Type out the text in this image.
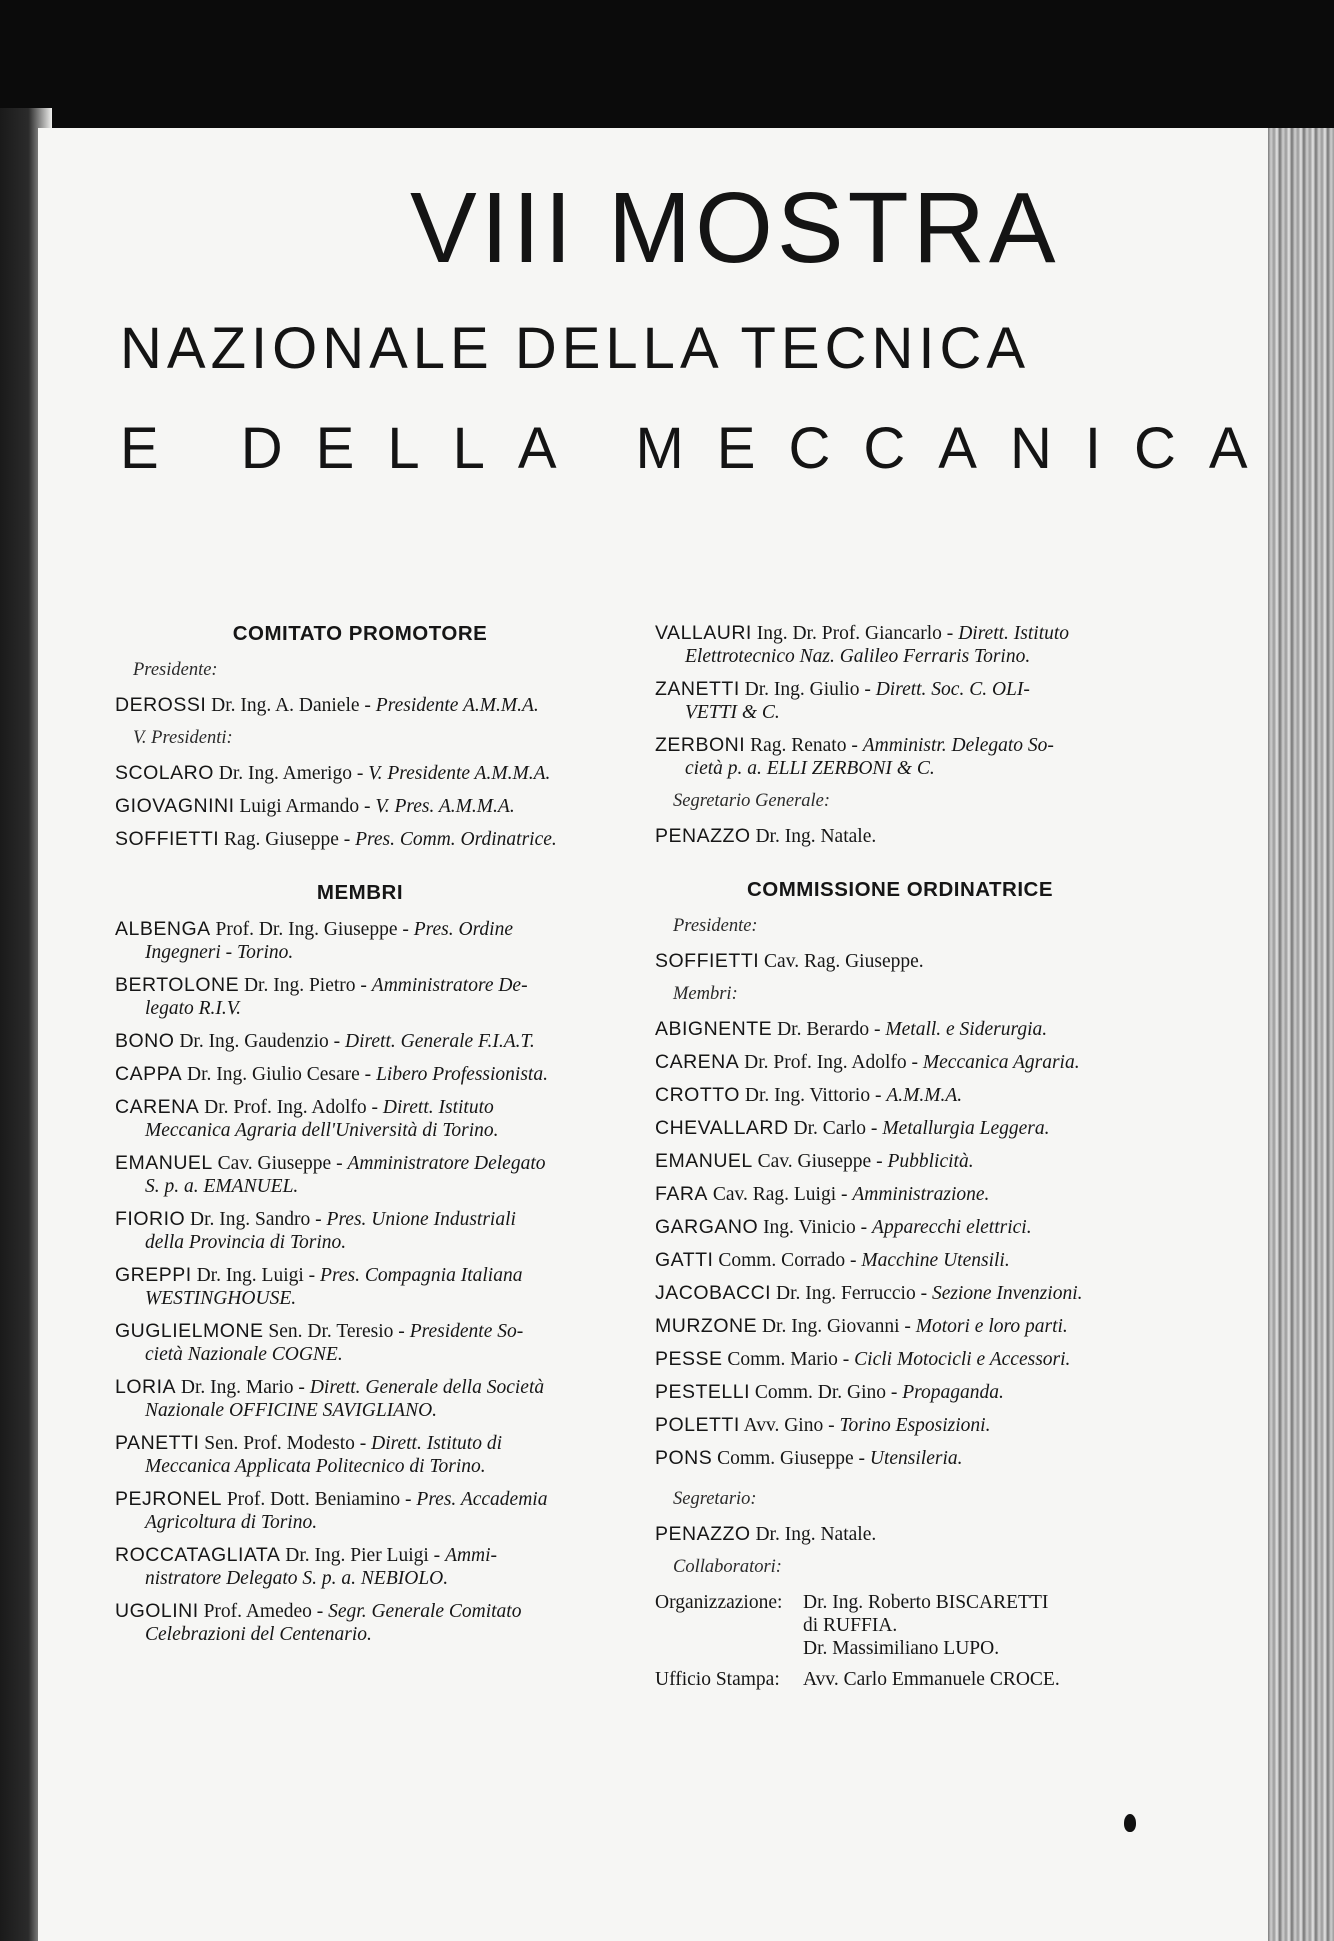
VIII MOSTRA
NAZIONALE DELLA TECNICA
E DELLA MECCANICA
COMITATO PROMOTORE
Presidente:
DEROSSI Dr. Ing. A. Daniele - Presidente A.M.M.A.
V. Presidenti:
SCOLARO Dr. Ing. Amerigo - V. Presidente A.M.M.A.
GIOVAGNINI Luigi Armando - V. Pres. A.M.M.A.
SOFFIETTI Rag. Giuseppe - Pres. Comm. Ordinatrice.
MEMBRI
ALBENGA Prof. Dr. Ing. Giuseppe - Pres. Ordine
Ingegneri - Torino.
BERTOLONE Dr. Ing. Pietro - Amministratore De-
legato R.I.V.
BONO Dr. Ing. Gaudenzio - Dirett. Generale F.I.A.T.
CAPPA Dr. Ing. Giulio Cesare - Libero Professionista.
CARENA Dr. Prof. Ing. Adolfo - Dirett. Istituto
Meccanica Agraria dell'Università di Torino.
EMANUEL Cav. Giuseppe - Amministratore Delegato
S. p. a. EMANUEL.
FIORIO Dr. Ing. Sandro - Pres. Unione Industriali
della Provincia di Torino.
GREPPI Dr. Ing. Luigi - Pres. Compagnia Italiana
WESTINGHOUSE.
GUGLIELMONE Sen. Dr. Teresio - Presidente So-
cietà Nazionale COGNE.
LORIA Dr. Ing. Mario - Dirett. Generale della Società
Nazionale OFFICINE SAVIGLIANO.
PANETTI Sen. Prof. Modesto - Dirett. Istituto di
Meccanica Applicata Politecnico di Torino.
PEJRONEL Prof. Dott. Beniamino - Pres. Accademia
Agricoltura di Torino.
ROCCATAGLIATA Dr. Ing. Pier Luigi - Ammi-
nistratore Delegato S. p. a. NEBIOLO.
UGOLINI Prof. Amedeo - Segr. Generale Comitato
Celebrazioni del Centenario.
VALLAURI Ing. Dr. Prof. Giancarlo - Dirett. Istituto
Elettrotecnico Naz. Galileo Ferraris Torino.
ZANETTI Dr. Ing. Giulio - Dirett. Soc. C. OLI-
VETTI & C.
ZERBONI Rag. Renato - Amministr. Delegato So-
cietà p. a. ELLI ZERBONI & C.
Segretario Generale:
PENAZZO Dr. Ing. Natale.
COMMISSIONE ORDINATRICE
Presidente:
SOFFIETTI Cav. Rag. Giuseppe.
Membri:
ABIGNENTE Dr. Berardo - Metall. e Siderurgia.
CARENA Dr. Prof. Ing. Adolfo - Meccanica Agraria.
CROTTO Dr. Ing. Vittorio - A.M.M.A.
CHEVALLARD Dr. Carlo - Metallurgia Leggera.
EMANUEL Cav. Giuseppe - Pubblicità.
FARA Cav. Rag. Luigi - Amministrazione.
GARGANO Ing. Vinicio - Apparecchi elettrici.
GATTI Comm. Corrado - Macchine Utensili.
JACOBACCI Dr. Ing. Ferruccio - Sezione Invenzioni.
MURZONE Dr. Ing. Giovanni - Motori e loro parti.
PESSE Comm. Mario - Cicli Motocicli e Accessori.
PESTELLI Comm. Dr. Gino - Propaganda.
POLETTI Avv. Gino - Torino Esposizioni.
PONS Comm. Giuseppe - Utensileria.
Segretario:
PENAZZO Dr. Ing. Natale.
Collaboratori:
Organizzazione:	Dr. Ing. Roberto BISCARETTI
di RUFFIA.
Dr. Massimiliano LUPO.
Ufficio Stampa:	Avv. Carlo Emmanuele CROCE.
